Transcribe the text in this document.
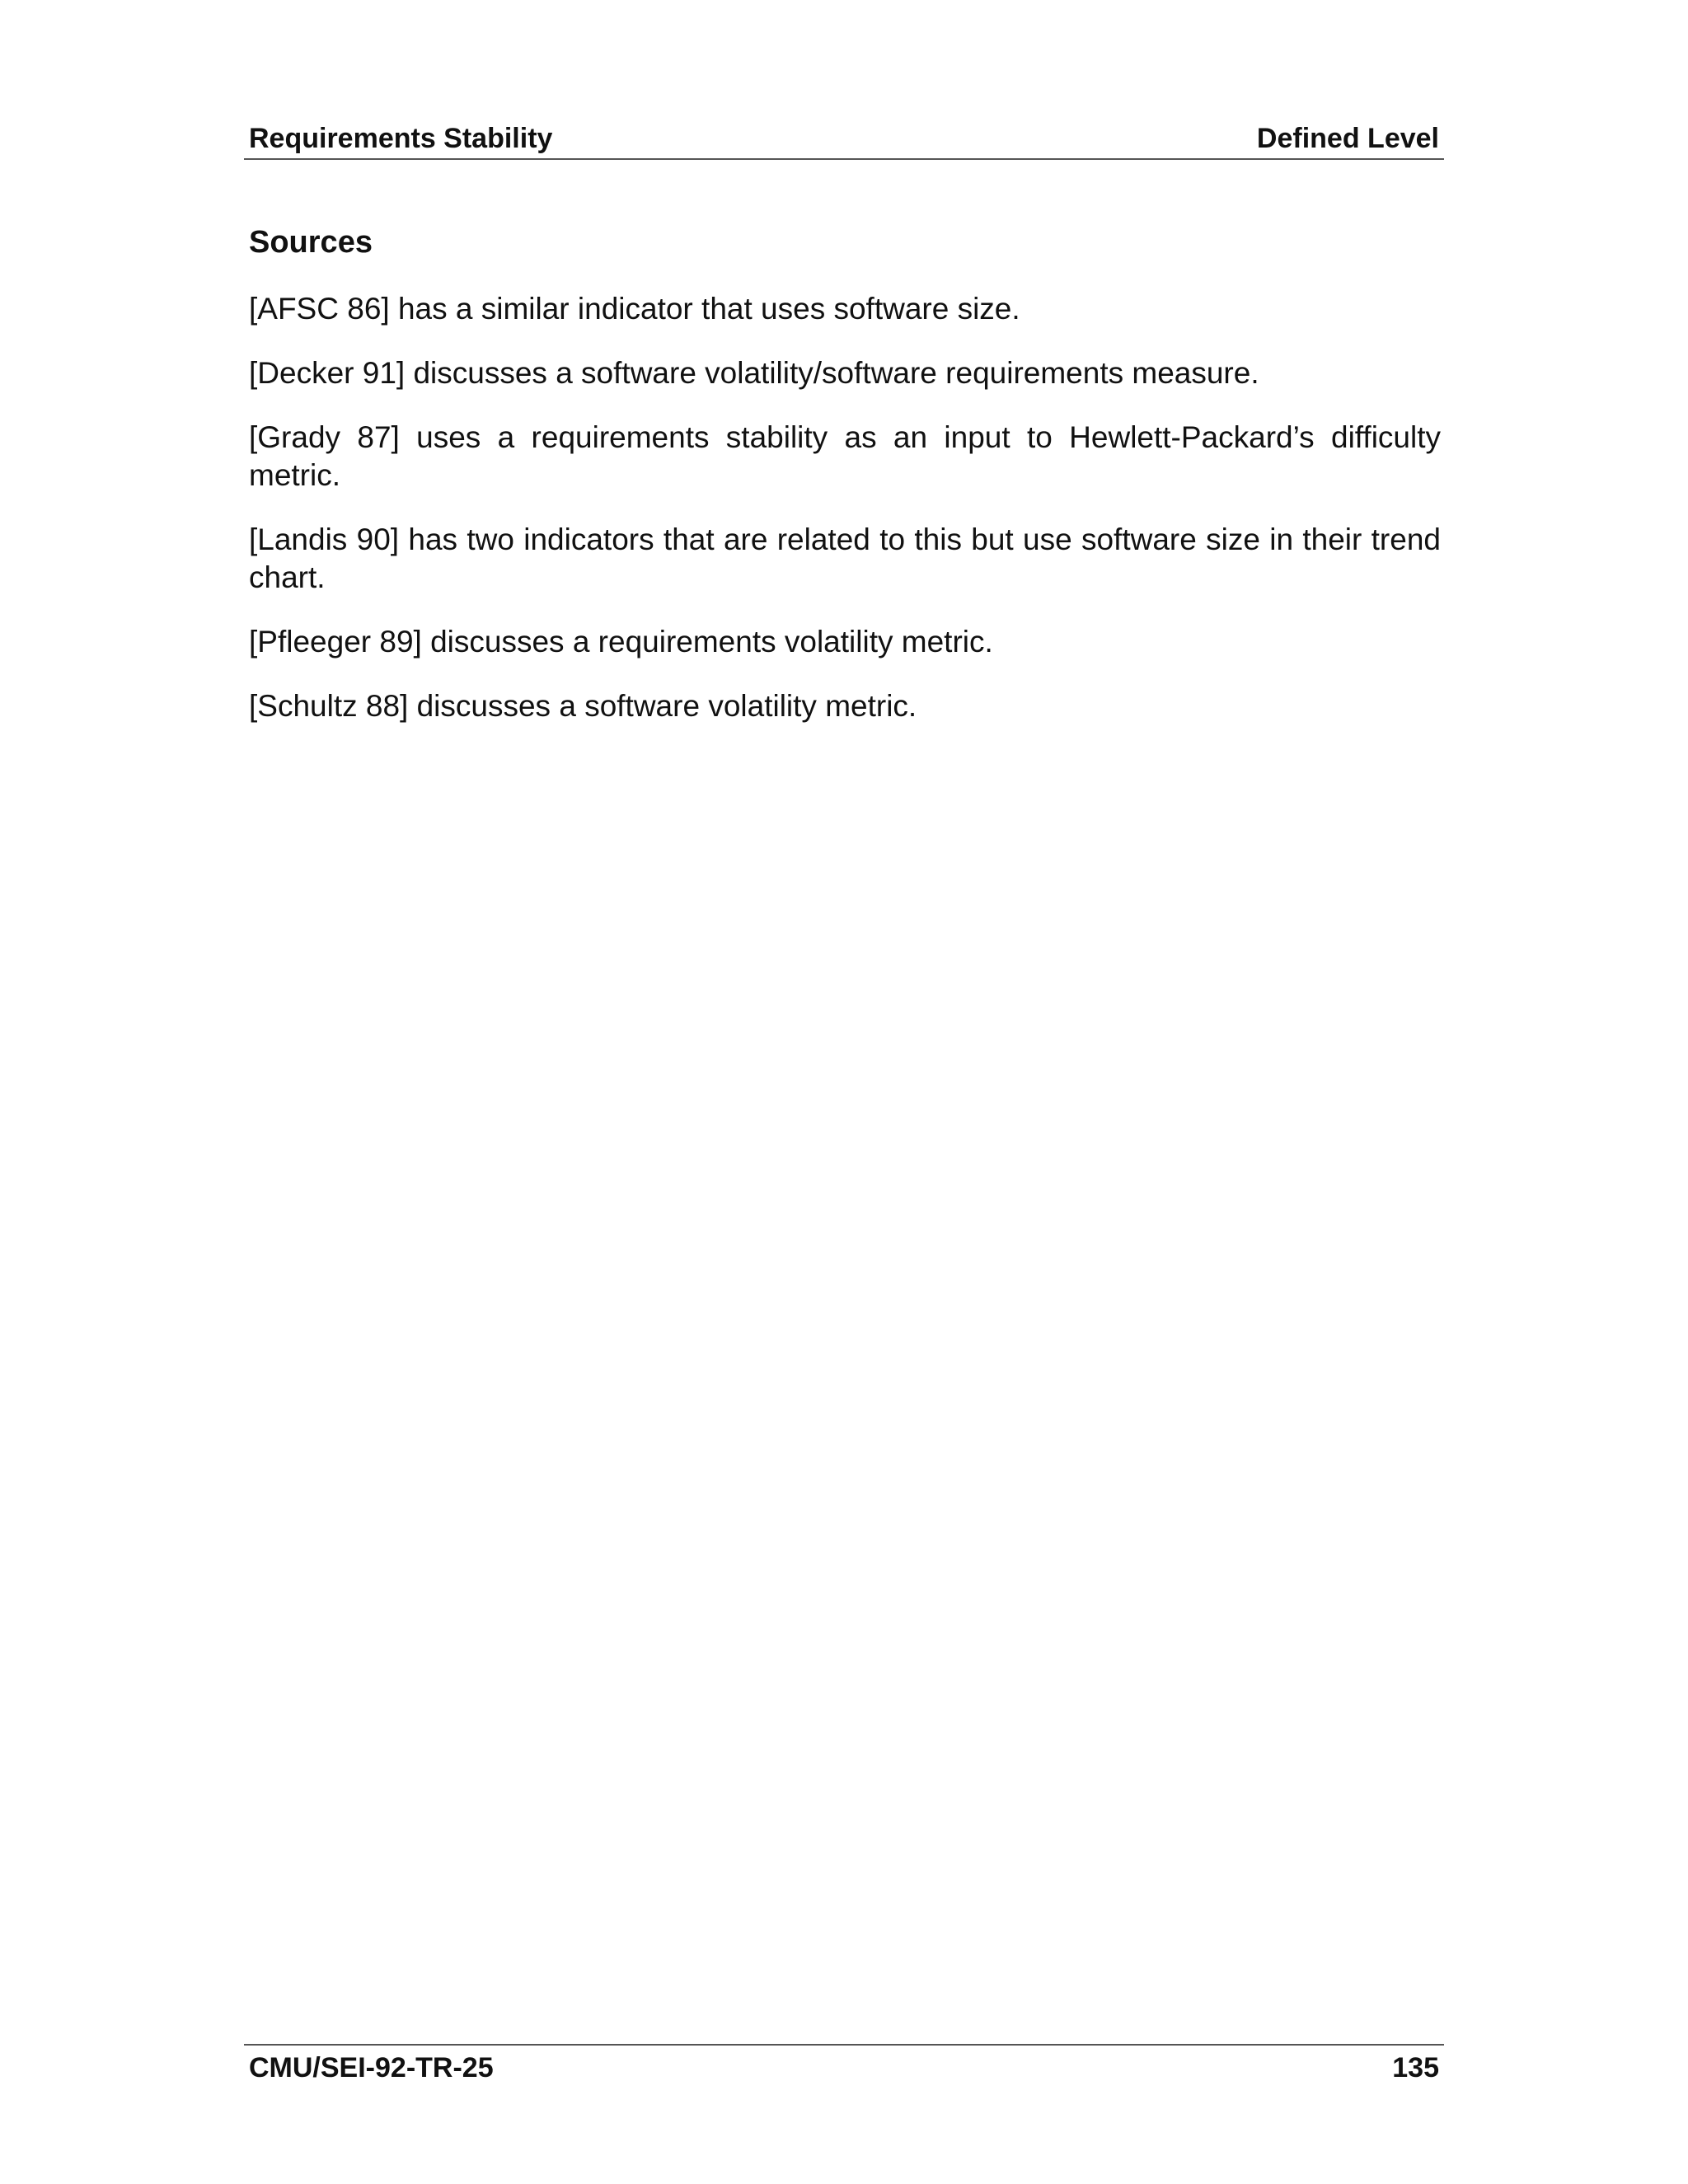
Requirements Stability	Defined Level
Sources

[AFSC 86] has a similar indicator that uses software size.

[Decker 91] discusses a software volatility/software requirements measure.

[Grady 87] uses a requirements stability as an input to Hewlett-Packard’s difficulty metric.

[Landis 90] has two indicators that are related to this but use software size in their trend chart.

[Pfleeger 89] discusses a requirements volatility metric.

[Schultz 88] discusses a software volatility metric.

CMU/SEI-92-TR-25	135
